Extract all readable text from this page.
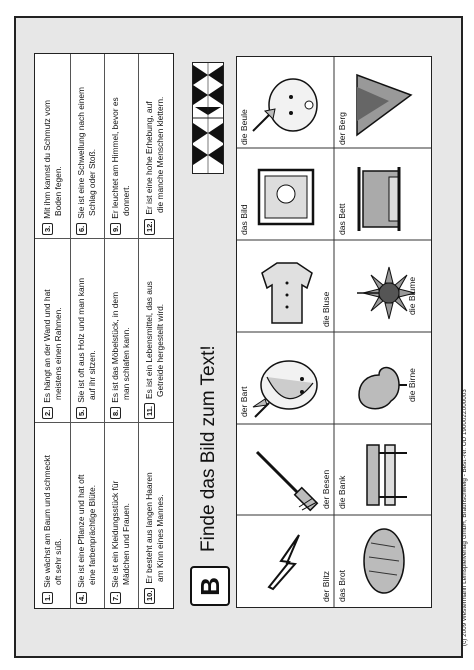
(c) 2009 Westermann Lernspielverlag GmbH, Braunschweig - Best.-Nr. OD 190002Z000003
1.Sie wächst am Baum und schmeckt
oft sehr süß.
2.Es hängt an der Wand und hat
meistens einen Rahmen.
3.Mit ihm kannst du Schmutz vom
Boden fegen.
4.Sie ist eine Pflanze und hat oft
eine farbenprächtige Blüte.
5.Sie ist oft aus Holz und man kann
auf ihr sitzen.
6.Sie ist eine Schwellung nach einem
Schlag oder Stoß.
7.Sie ist ein Kleidungsstück für
Mädchen und Frauen.
8.Es ist das Möbelstück, in dem
man schlafen kann.
9.Er leuchtet am Himmel, bevor es
donnert.
10.Er besteht aus langen Haaren
am Kinn eines Mannes.
11.Es ist ein Lebensmittel, das aus
Getreide hergestellt wird.
12.Er ist eine hohe Erhebung, auf
die manche Menschen klettern.
B
Finde das Bild zum Text!
der Blitz
der Besen
der Bart
die Bluse
das Bild
die Beule
das Brot
die Bank
die Birne
die Blume
das Bett
der Berg
